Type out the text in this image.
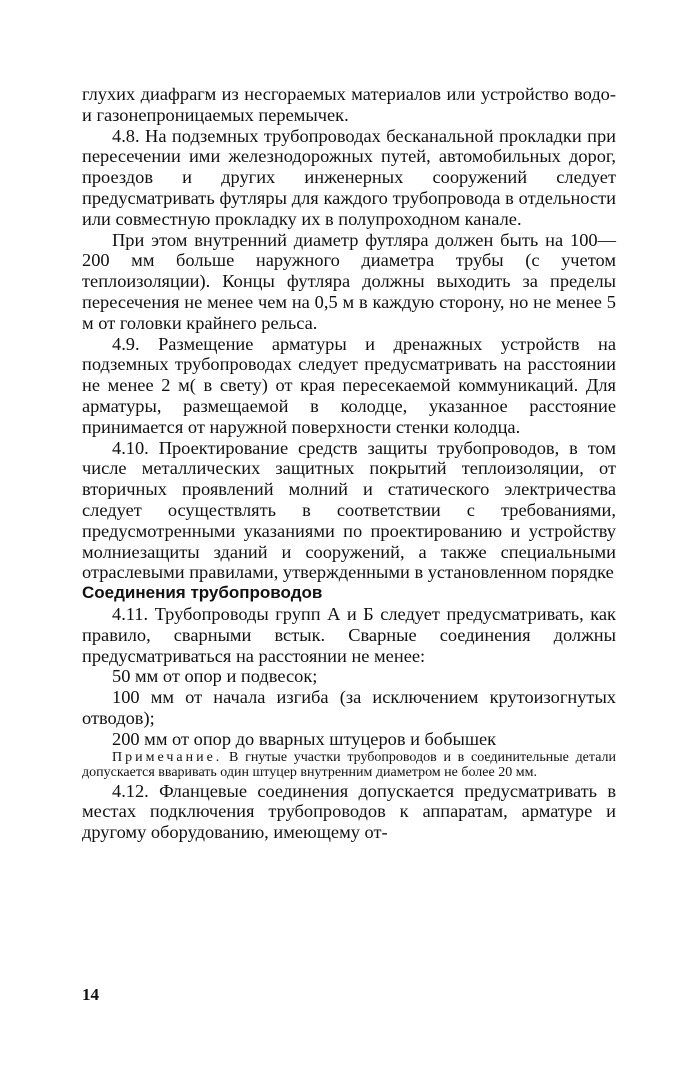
глухих диафрагм из несгораемых материалов или устройство водо- и газонепроницаемых перемычек.

4.8. На подземных трубопроводах бесканальной прокладки при пересечении ими железнодорожных путей, автомобильных дорог, проездов и других инженерных сооружений следует предусматривать футляры для каждого трубопровода в отдельности или совместную прокладку их в полупроходном канале.

При этом внутренний диаметр футляра должен быть на 100—200 мм больше наружного диаметра трубы (с учетом теплоизоляции). Концы футляра должны выходить за пределы пересечения не менее чем на 0,5 м в каждую сторону, но не менее 5 м от головки крайнего рельса.

4.9. Размещение арматуры и дренажных устройств на подземных трубопроводах следует предусматривать на расстоянии не менее 2 м( в свету) от края пересекаемой коммуникаций. Для арматуры, размещаемой в колодце, указанное расстояние принимается от наружной поверхности стенки колодца.

4.10. Проектирование средств защиты трубопроводов, в том числе металлических защитных покрытий теплоизоляции, от вторичных проявлений молний и статического электричества следует осуществлять в соответствии с требованиями, предусмотренными указаниями по проектированию и устройству молниезащиты зданий и сооружений, а также специальными отраслевыми правилами, утвержденными в установленном порядке

Соединения трубопроводов

4.11. Трубопроводы групп А и Б следует предусматривать, как правило, сварными встык. Сварные соединения должны предусматриваться на расстоянии не менее:

50 мм от опор и подвесок;

100 мм от начала изгиба (за исключением крутоизогнутых отводов);

200 мм от опор до вварных штуцеров и бобышек

Примечание. В гнутые участки трубопроводов и в соединительные детали допускается вваривать один штуцер внутренним диаметром не более 20 мм.

4.12. Фланцевые соединения допускается предусматривать в местах подключения трубопроводов к аппаратам, арматуре и другому оборудованию, имеющему от-

14
